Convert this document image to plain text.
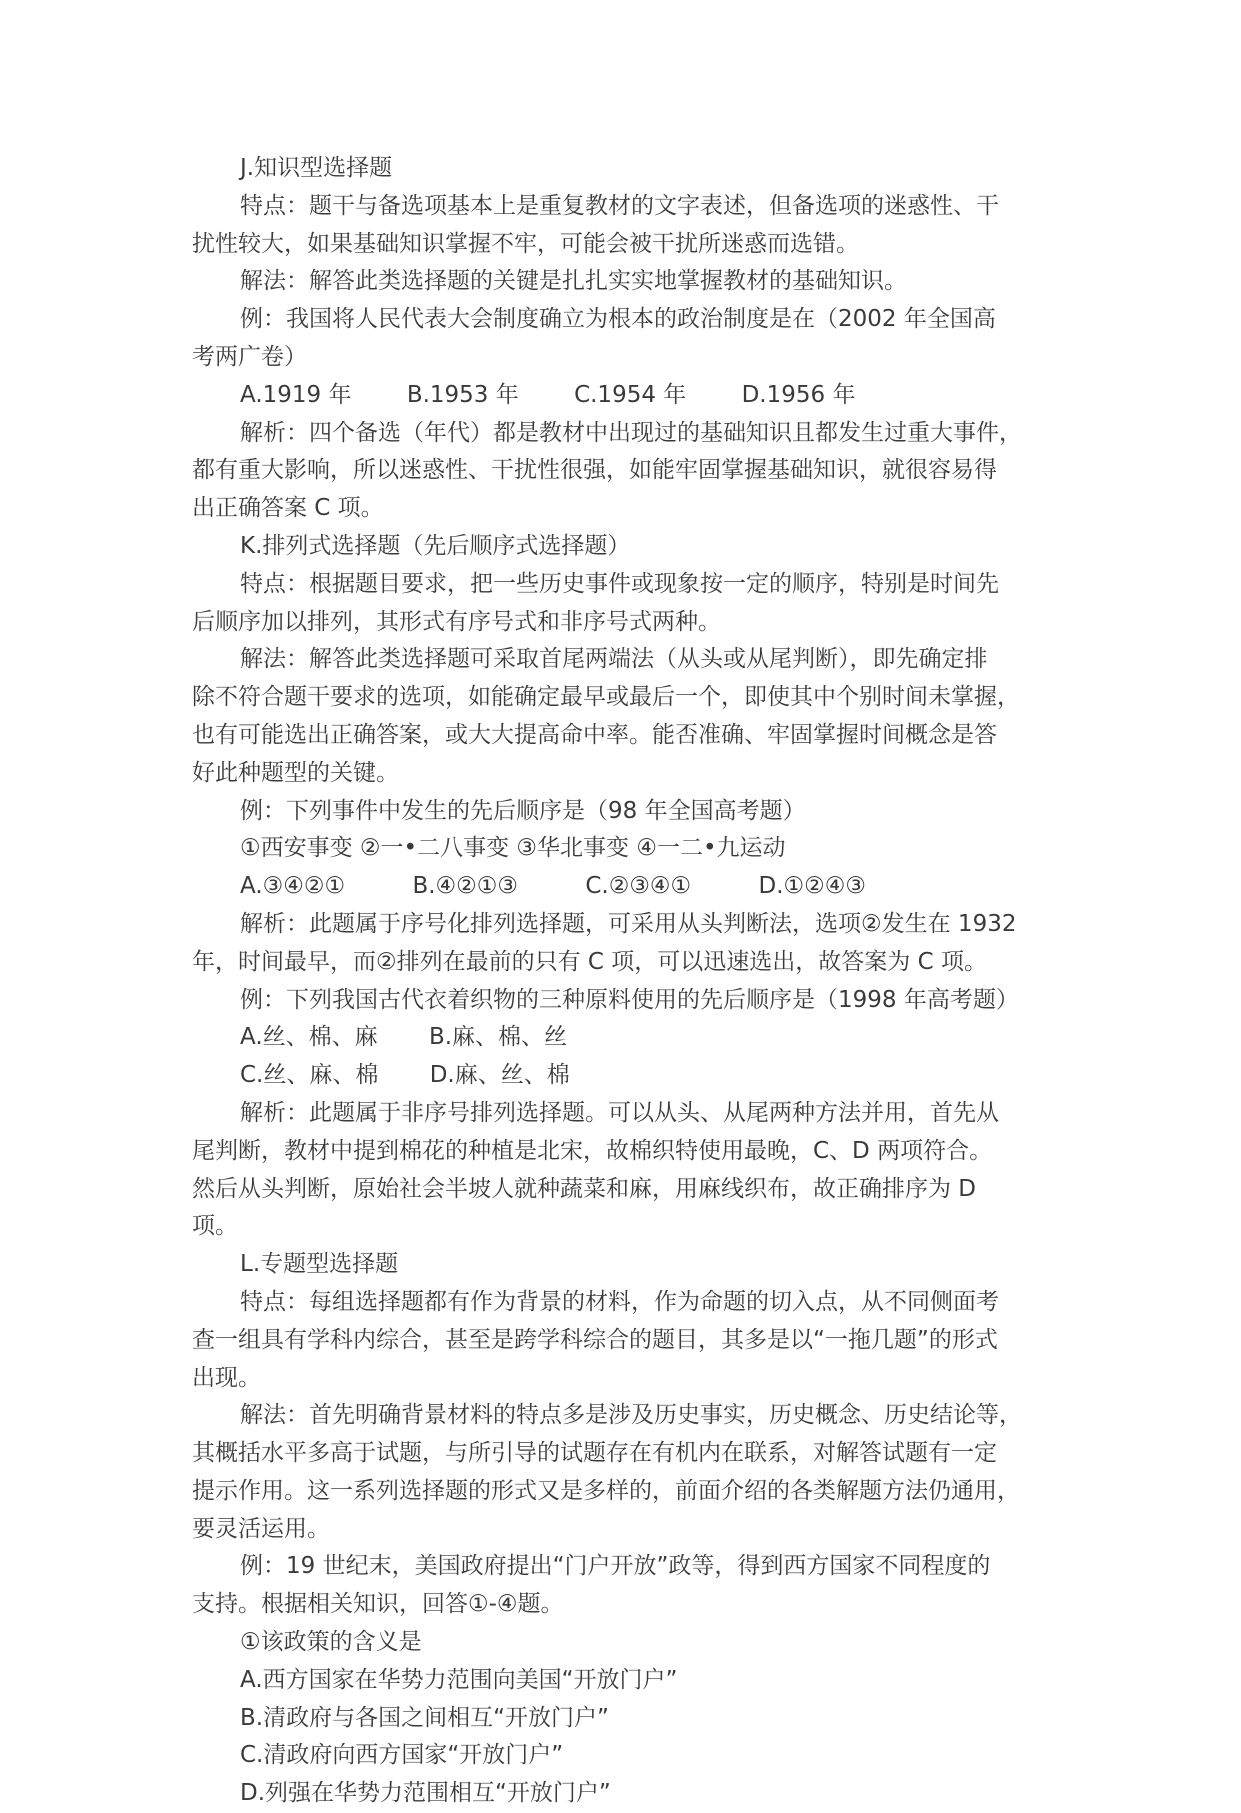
J.知识型选择题
特点：题干与备选项基本上是重复教材的文字表述，但备选项的迷惑性、干
扰性较大，如果基础知识掌握不牢，可能会被干扰所迷惑而选错。
解法：解答此类选择题的关键是扎扎实实地掌握教材的基础知识。
例：我国将人民代表大会制度确立为根本的政治制度是在（2002 年全国高
考两广卷）
A.1919 年 B.1953 年 C.1954 年 D.1956 年
解析：四个备选（年代）都是教材中出现过的基础知识且都发生过重大事件，
都有重大影响，所以迷惑性、干扰性很强，如能牢固掌握基础知识，就很容易得
出正确答案 C 项。
K.排列式选择题（先后顺序式选择题）
特点：根据题目要求，把一些历史事件或现象按一定的顺序，特别是时间先
后顺序加以排列，其形式有序号式和非序号式两种。
解法：解答此类选择题可采取首尾两端法（从头或从尾判断），即先确定排
除不符合题干要求的选项，如能确定最早或最后一个，即使其中个别时间未掌握，
也有可能选出正确答案，或大大提高命中率。能否准确、牢固掌握时间概念是答
好此种题型的关键。
例：下列事件中发生的先后顺序是（98 年全国高考题）
①西安事变 ②一•二八事变 ③华北事变 ④一二•九运动
A.③④②①	B.④②①③	C.②③④①	D.①②④③
解析：此题属于序号化排列选择题，可采用从头判断法，选项②发生在 1932
年，时间最早，而②排列在最前的只有 C 项，可以迅速选出，故答案为 C 项。
例：下列我国古代衣着织物的三种原料使用的先后顺序是（1998 年高考题）
A.丝、棉、麻 B.麻、棉、丝
C.丝、麻、棉 D.麻、丝、棉
解析：此题属于非序号排列选择题。可以从头、从尾两种方法并用，首先从
尾判断，教材中提到棉花的种植是北宋，故棉织特使用最晚，C、D 两项符合。
然后从头判断，原始社会半坡人就种蔬菜和麻，用麻线织布，故正确排序为 D
项。
L.专题型选择题
特点：每组选择题都有作为背景的材料，作为命题的切入点，从不同侧面考
查一组具有学科内综合，甚至是跨学科综合的题目，其多是以“一拖几题”的形式
出现。
解法：首先明确背景材料的特点多是涉及历史事实，历史概念、历史结论等，
其概括水平多高于试题，与所引导的试题存在有机内在联系，对解答试题有一定
提示作用。这一系列选择题的形式又是多样的，前面介绍的各类解题方法仍通用，
要灵活运用。
例：19 世纪末，美国政府提出“门户开放”政等，得到西方国家不同程度的
支持。根据相关知识，回答①-④题。
①该政策的含义是
A.西方国家在华势力范围向美国“开放门户”
B.清政府与各国之间相互“开放门户”
C.清政府向西方国家“开放门户”
D.列强在华势力范围相互“开放门户”
